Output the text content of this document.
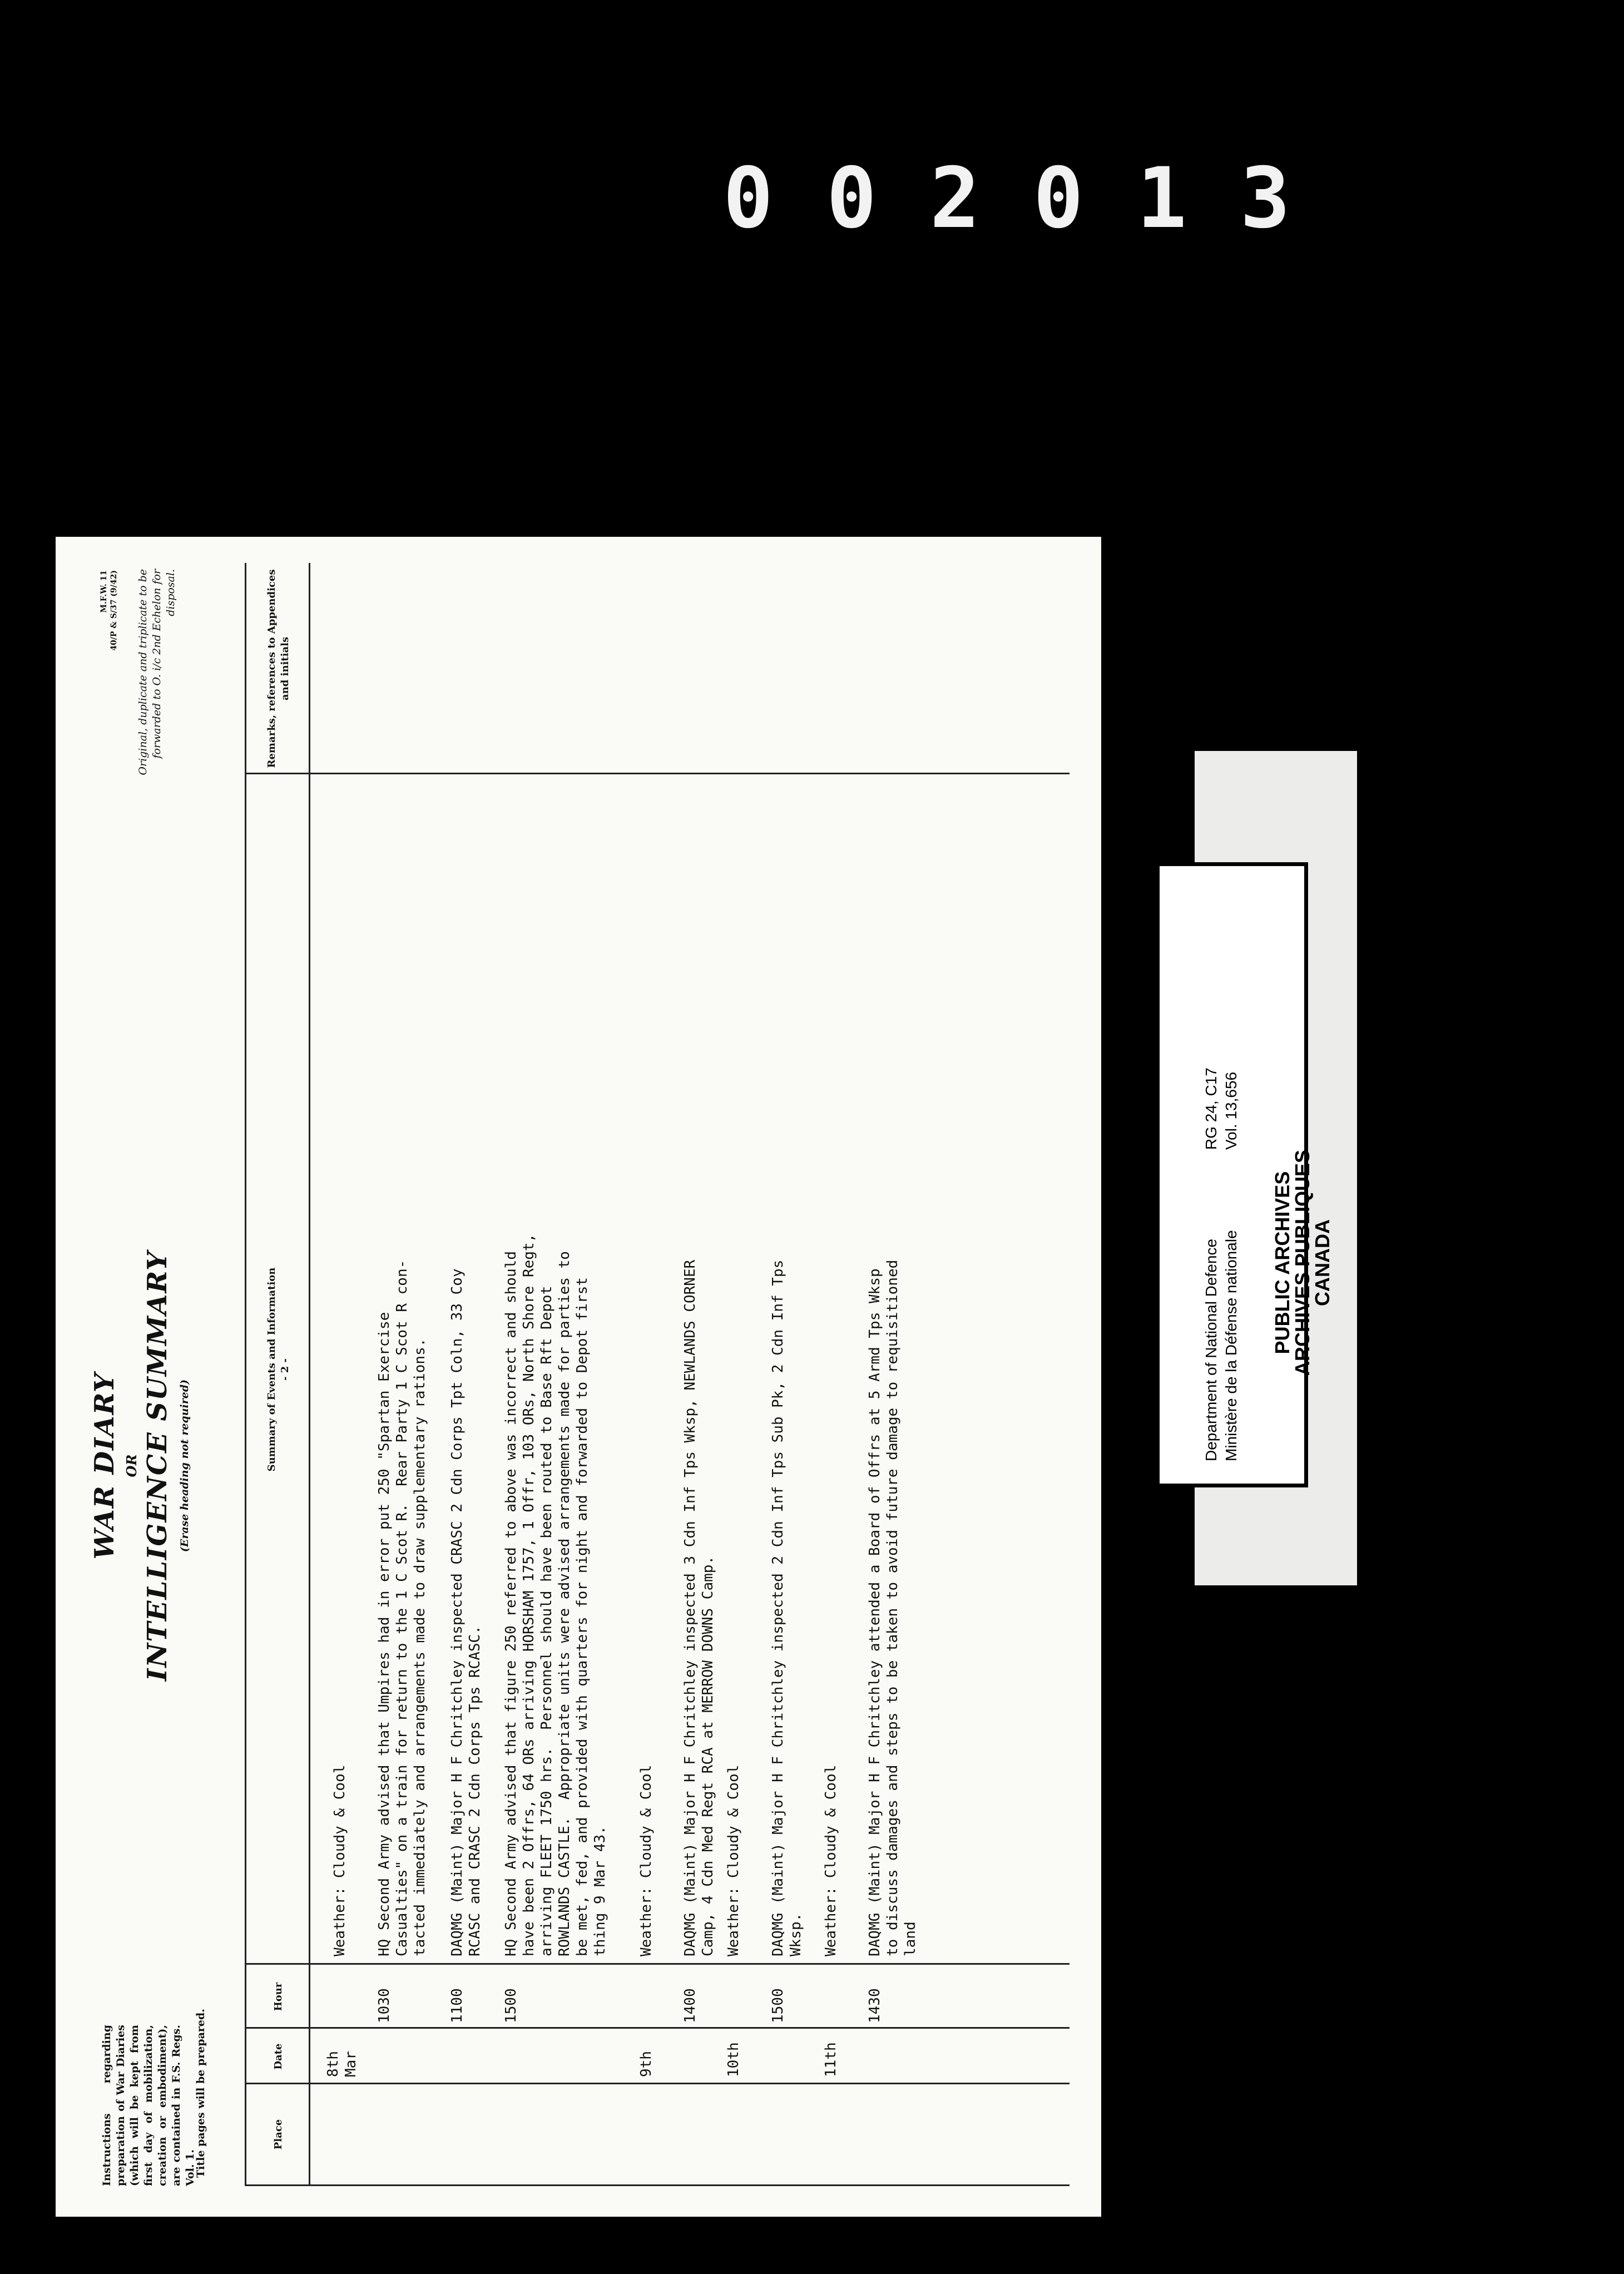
0 0 2 0 1 3
Instructions regarding preparation of War Diaries (which will be kept from first day of mobilization, creation or embodiment), are contained in F.S. Regs. Vol. 1.
Title pages will be prepared.
WAR DIARY OR INTELLIGENCE SUMMARY (Erase heading not required)
M.F.W. 11 40/P & S/37 (9/42) Original, duplicate and triplicate to be forwarded to O. i/c 2nd Echelon for disposal.
Place
Date
Hour
Summary of Events and Information - 2 -
Remarks, references to Appendices and initials
8th
Mar
Weather: Cloudy & Cool
1030
HQ Second Army advised that Umpires had in error put 250 "Spartan Exercise
Casualties" on a train for return to the 1 C Scot R.  Rear Party 1 C Scot R con-
tacted immediately and arrangements made to draw supplementary rations.
1100
DAQMG (Maint) Major H F Chritchley inspected CRASC 2 Cdn Corps Tpt Coln, 33 Coy
RCASC and CRASC 2 Cdn Corps Tps RCASC.
1500
HQ Second Army advised that figure 250 referred to above was incorrect and should
have been 2 Offrs, 64 ORs arriving HORSHAM 1757, 1 Offr, 103 ORs, North Shore Regt,
arriving FLEET 1750 hrs.  Personnel should have been routed to Base Rft Depot
ROWLANDS CASTLE.  Appropriate units were advised arrangements made for parties to
be met, fed, and provided with quarters for night and forwarded to Depot first
thing 9 Mar 43.
9th
Weather: Cloudy & Cool
1400
DAQMG (Maint) Major H F Chritchley inspected 3 Cdn Inf Tps Wksp, NEWLANDS CORNER
Camp, 4 Cdn Med Regt RCA at MERROW DOWNS Camp.
10th
Weather: Cloudy & Cool
1500
DAQMG (Maint) Major H F Chritchley inspected 2 Cdn Inf Tps Sub Pk, 2 Cdn Inf Tps
Wksp.
11th
Weather: Cloudy & Cool
1430
DAQMG (Maint) Major H F Chritchley attended a Board of Offrs at 5 Armd Tps Wksp
to discuss damages and steps to be taken to avoid future damage to requisitioned
land
Department of National Defence Ministère de la Défense nationale
RG 24, C17 Vol. 13,656
PUBLIC ARCHIVES
ARCHIVES PUBLIQUES
CANADA
